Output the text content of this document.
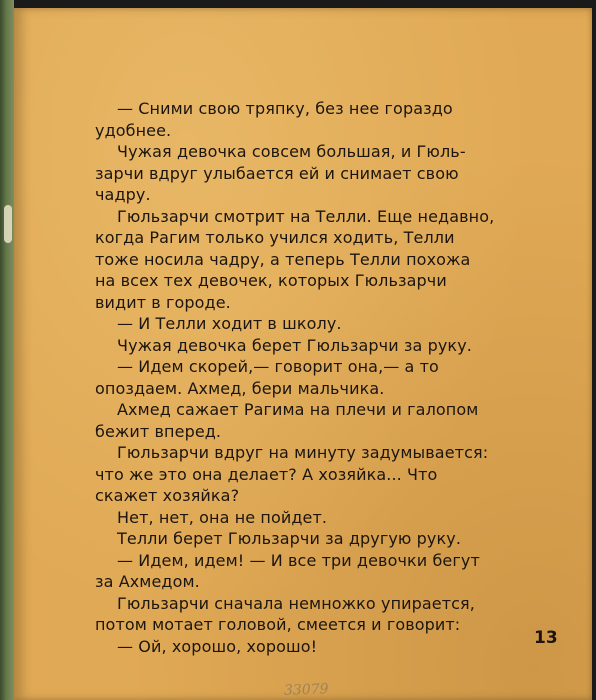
— Сними свою тряпку, без нее гораздо
удобнее.

Чужая девочка совсем большая, и Гюль-
зарчи вдруг улыбается ей и снимает свою
чадру.

Гюльзарчи смотрит на Телли. Еще недавно,
когда Рагим только учился ходить, Телли
тоже носила чадру, а теперь Телли похожа
на всех тех девочек, которых Гюльзарчи
видит в городе.

— И Телли ходит в школу.

Чужая девочка берет Гюльзарчи за руку.

— Идем скорей,— говорит она,— а то
опоздаем. Ахмед, бери мальчика.

Ахмед сажает Рагима на плечи и галопом
бежит вперед.

Гюльзарчи вдруг на минуту задумывается:
что же это она делает? А хозяйка... Что
скажет хозяйка?

Нет, нет, она не пойдет.

Телли берет Гюльзарчи за другую руку.

— Идем, идем! — И все три девочки бегут
за Ахмедом.

Гюльзарчи сначала немножко упирается,
потом мотает головой, смеется и говорит:

— Ой, хорошо, хорошо!	13
33079
